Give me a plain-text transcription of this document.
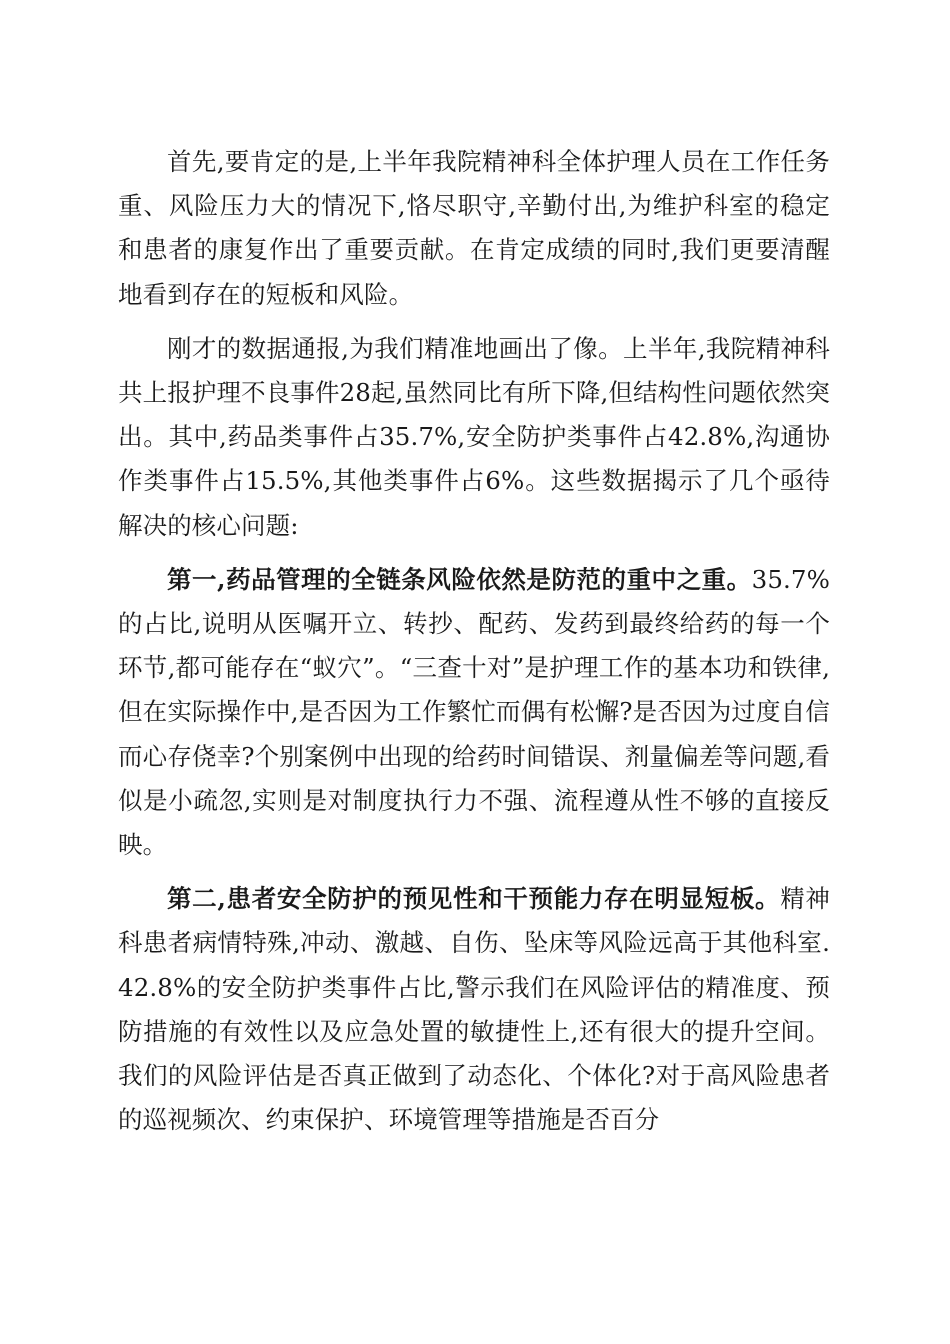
首先,要肯定的是,上半年我院精神科全体护理人员在工作任务重、风险压力大的情况下,恪尽职守,辛勤付出,为维护科室的稳定和患者的康复作出了重要贡献。在肯定成绩的同时,我们更要清醒地看到存在的短板和风险。

刚才的数据通报,为我们精准地画出了像。上半年,我院精神科共上报护理不良事件28起,虽然同比有所下降,但结构性问题依然突出。其中,药品类事件占35.7%,安全防护类事件占42.8%,沟通协作类事件占15.5%,其他类事件占6%。这些数据揭示了几个亟待解决的核心问题:

第一,药品管理的全链条风险依然是防范的重中之重。35.7%的占比,说明从医嘱开立、转抄、配药、发药到最终给药的每一个环节,都可能存在“蚁穴”。“三查十对”是护理工作的基本功和铁律,但在实际操作中,是否因为工作繁忙而偶有松懈?是否因为过度自信而心存侥幸?个别案例中出现的给药时间错误、剂量偏差等问题,看似是小疏忽,实则是对制度执行力不强、流程遵从性不够的直接反映。

第二,患者安全防护的预见性和干预能力存在明显短板。精神科患者病情特殊,冲动、激越、自伤、坠床等风险远高于其他科室.42.8%的安全防护类事件占比,警示我们在风险评估的精准度、预防措施的有效性以及应急处置的敏捷性上,还有很大的提升空间。我们的风险评估是否真正做到了动态化、个体化?对于高风险患者的巡视频次、约束保护、环境管理等措施是否百分
